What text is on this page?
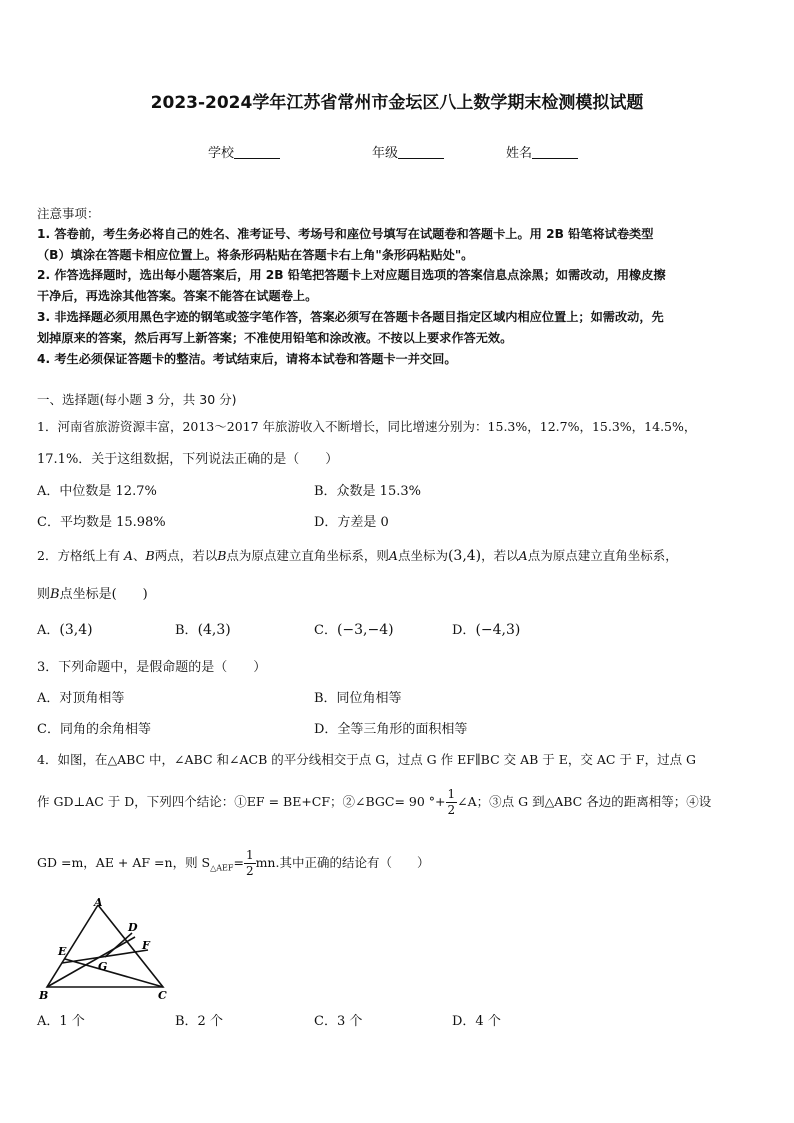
2023-2024学年江苏省常州市金坛区八上数学期末检测模拟试题
学校	年级	姓名
注意事项：
1. 答卷前，考生务必将自己的姓名、准考证号、考场号和座位号填写在试题卷和答题卡上。用 2B 铅笔将试卷类型
（B）填涂在答题卡相应位置上。将条形码粘贴在答题卡右上角"条形码粘贴处"。
2. 作答选择题时，选出每小题答案后，用 2B 铅笔把答题卡上对应题目选项的答案信息点涂黑；如需改动，用橡皮擦
干净后，再选涂其他答案。答案不能答在试题卷上。
3. 非选择题必须用黑色字迹的钢笔或签字笔作答，答案必须写在答题卡各题目指定区域内相应位置上；如需改动，先
划掉原来的答案，然后再写上新答案；不准使用铅笔和涂改液。不按以上要求作答无效。
4. 考生必须保证答题卡的整洁。考试结束后，请将本试卷和答题卡一并交回。
一、选择题(每小题 3 分，共 30 分)
1．河南省旅游资源丰富，2013～2017 年旅游收入不断增长，同比增速分别为：15.3%，12.7%，15.3%，14.5%，
17.1%．关于这组数据，下列说法正确的是（　　）
A．中位数是 12.7%	B．众数是 15.3%
C．平均数是 15.98%	D．方差是 0
2．方格纸上有 A、B两点，若以B点为原点建立直角坐标系，则A点坐标为(3,4)，若以A点为原点建立直角坐标系，
则B点坐标是(　　)
A．(3,4)	B．(4,3)	C．(−3,−4)	D．(−4,3)
3．下列命题中，是假命题的是（　　）
A．对顶角相等	B．同位角相等
C．同角的余角相等	D．全等三角形的面积相等
4．如图，在△ABC 中，∠ABC 和∠ACB 的平分线相交于点 G，过点 G 作 EF∥BC 交 AB 于 E，交 AC 于 F，过点 G
作 GD⊥AC 于 D，下列四个结论：①EF = BE+CF；②∠BGC= 90 °+ $\frac{1}{2}$ ∠A；③点 G 到△ABC 各边的距离相等；④设
GD =m，AE + AF =n，则 $S_{\triangle AEF}= \frac{1}{2}$ mn.其中正确的结论有（　　）
A
B	C
D
E	F
G
A．1 个	B．2 个	C．3 个	D．4 个
